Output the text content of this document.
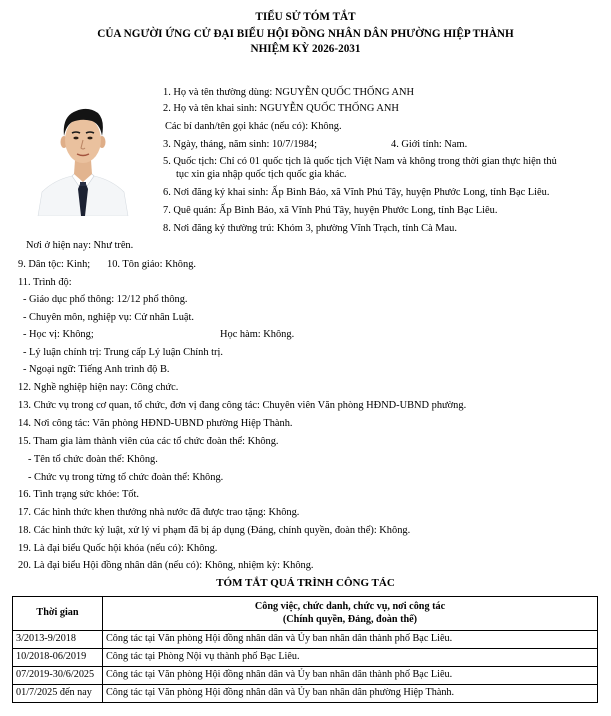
TIỂU SỬ TÓM TẮT
CỦA NGƯỜI ỨNG CỬ ĐẠI BIỂU HỘI ĐỒNG NHÂN DÂN PHƯỜNG HIỆP THÀNH
NHIỆM KỲ 2026-2031
1. Họ và tên thường dùng: NGUYỄN QUỐC THỐNG ANH
2. Họ và tên khai sinh: NGUYỄN QUỐC THỐNG ANH
Các bí danh/tên gọi khác (nếu có): Không.
3. Ngày, tháng, năm sinh: 10/7/1984;	4. Giới tính: Nam.
5. Quốc tịch: Chỉ có 01 quốc tịch là quốc tịch Việt Nam và không trong thời gian thực hiện thủ
tục xin gia nhập quốc tịch quốc gia khác.
6. Nơi đăng ký khai sinh: Ấp Bình Bảo, xã Vĩnh Phú Tây, huyện Phước Long, tỉnh Bạc Liêu.
7. Quê quán: Ấp Bình Bảo, xã Vĩnh Phú Tây, huyện Phước Long, tỉnh Bạc Liêu.
8. Nơi đăng ký thường trú: Khóm 3, phường Vĩnh Trạch, tỉnh Cà Mau.
Nơi ở hiện nay: Như trên.
9. Dân tộc: Kinh; 10. Tôn giáo: Không.
11. Trình độ:
- Giáo dục phổ thông: 12/12 phổ thông.
- Chuyên môn, nghiệp vụ: Cử nhân Luật.
- Học vị: Không;	Học hàm: Không.
- Lý luận chính trị: Trung cấp Lý luận Chính trị.
- Ngoại ngữ: Tiếng Anh trình độ B.
12. Nghề nghiệp hiện nay: Công chức.
13. Chức vụ trong cơ quan, tổ chức, đơn vị đang công tác: Chuyên viên Văn phòng HĐND-UBND phường.
14. Nơi công tác: Văn phòng HĐND-UBND phường Hiệp Thành.
15. Tham gia làm thành viên của các tổ chức đoàn thể: Không.
- Tên tổ chức đoàn thể: Không.
- Chức vụ trong từng tổ chức đoàn thể: Không.
16. Tình trạng sức khỏe: Tốt.
17. Các hình thức khen thưởng nhà nước đã được trao tặng: Không.
18. Các hình thức kỷ luật, xử lý vi phạm đã bị áp dụng (Đảng, chính quyền, đoàn thể): Không.
19. Là đại biểu Quốc hội khóa (nếu có): Không.
20. Là đại biểu Hội đồng nhân dân (nếu có): Không, nhiệm kỳ: Không.
TÓM TẮT QUÁ TRÌNH CÔNG TÁC
Thời gian	Công việc, chức danh, chức vụ, nơi công tác
(Chính quyền, Đảng, đoàn thể)

3/2013-9/2018	Công tác tại Văn phòng Hội đồng nhân dân và Ủy ban nhân dân thành phố Bạc Liêu.
10/2018-06/2019	Công tác tại Phòng Nội vụ thành phố Bạc Liêu.
07/2019-30/6/2025	Công tác tại Văn phòng Hội đồng nhân dân và Ủy ban nhân dân thành phố Bạc Liêu.
01/7/2025 đến nay	Công tác tại Văn phòng Hội đồng nhân dân và Ủy ban nhân dân phường Hiệp Thành.
